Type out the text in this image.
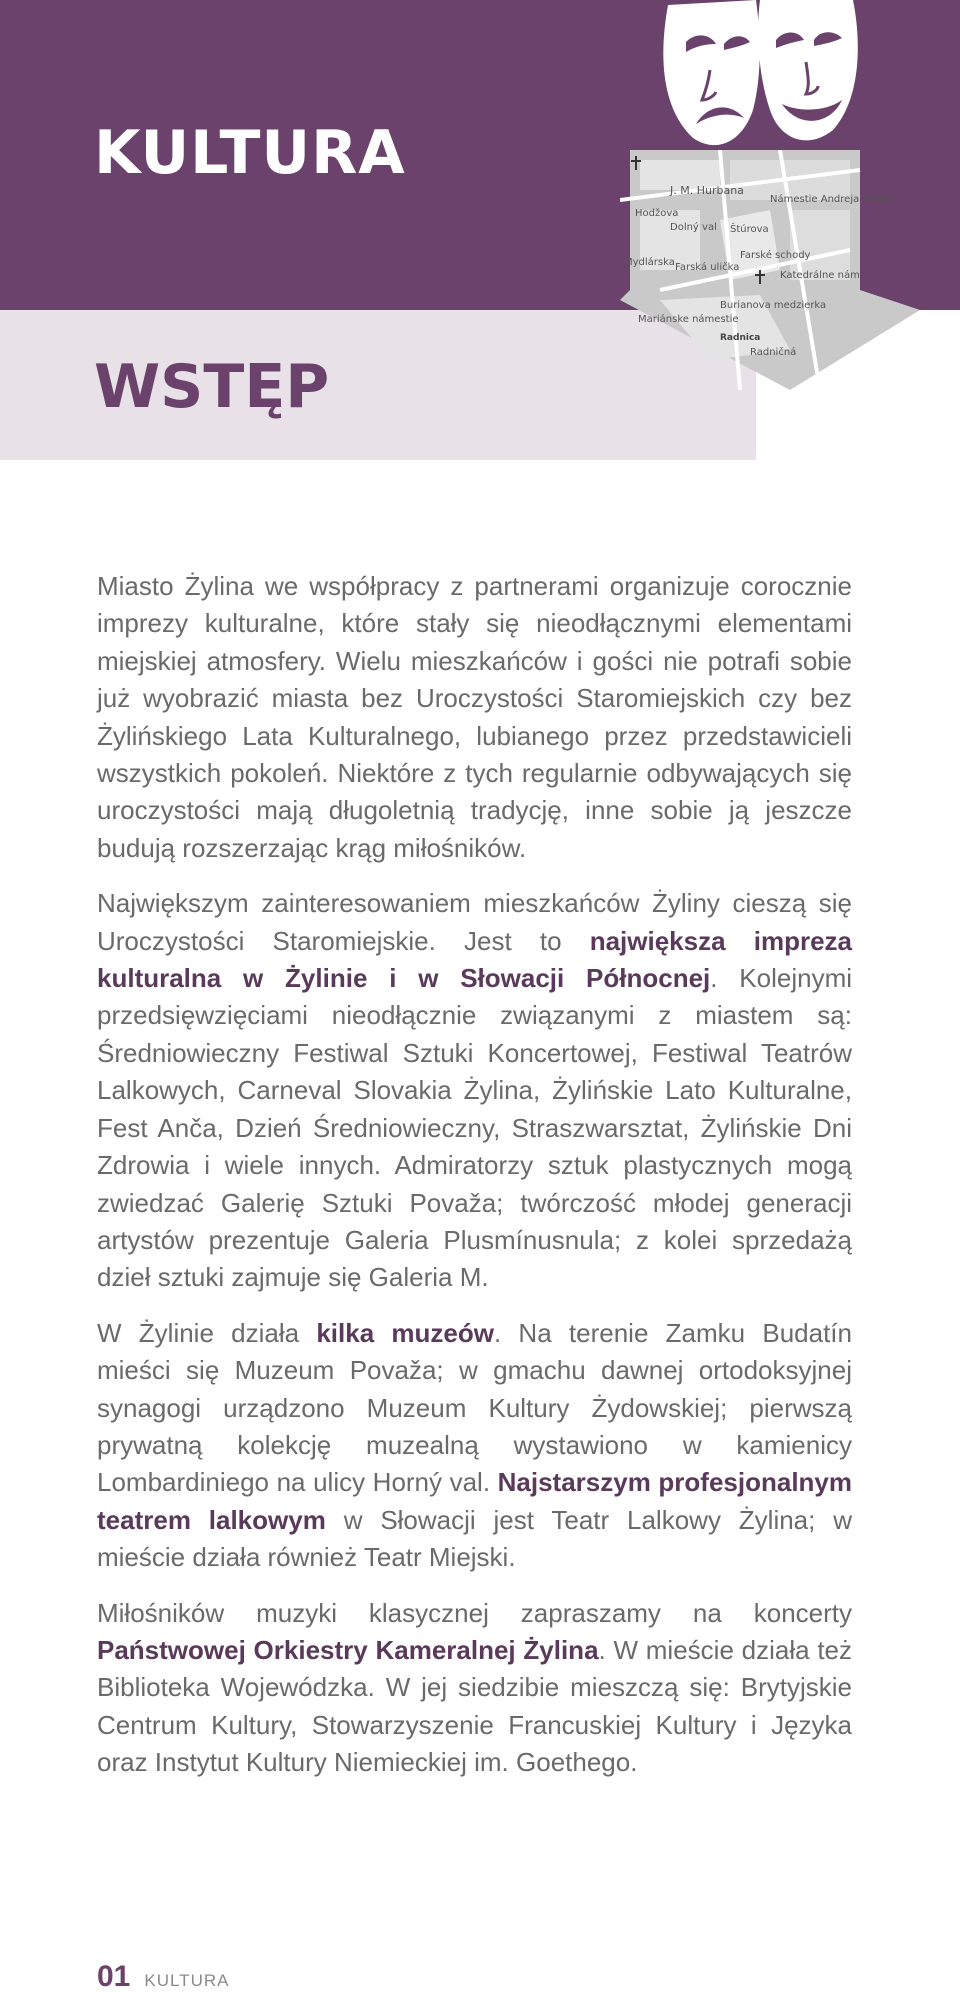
KULTURA
WSTĘP
J. M. Hurbana
Námestie Andreja Hlinku
Hodžova
Dolný val Štúrova
Mydlárska Farská ulička
Farské schody
Katedrálne nám.
Mariánske námestie
Burianova medzierka
Radnica
Radničná

Miasto Żylina we współpracy z partnerami organizuje corocznie imprezy kulturalne, które stały się nieodłącznymi elementami miejskiej atmosfery. Wielu mieszkańców i gości nie potrafi sobie już wyobrazić miasta bez Uroczystości Staromiejskich czy bez Żylińskiego Lata Kulturalnego, lubianego przez przedstawicieli wszystkich pokoleń. Niektóre z tych regularnie odbywających się uroczystości mają długoletnią tradycję, inne sobie ją jeszcze budują rozszerzając krąg miłośników.

Największym zainteresowaniem mieszkańców Żyliny cieszą się Uroczystości Staromiejskie. Jest to największa impreza kulturalna w Żylinie i w Słowacji Północnej. Kolejnymi przedsięwzięciami nieodłącznie związanymi z miastem są: Średniowieczny Festiwal Sztuki Koncertowej, Festiwal Teatrów Lalkowych, Carneval Slovakia Żylina, Żylińskie Lato Kulturalne, Fest Anča, Dzień Średniowieczny, Straszwarsztat, Żylińskie Dni Zdrowia i wiele innych. Admiratorzy sztuk plastycznych mogą zwiedzać Galerię Sztuki Považa; twórczość młodej generacji artystów prezentuje Galeria Plusmínusnula; z kolei sprzedażą dzieł sztuki zajmuje się Galeria M.

W Żylinie działa kilka muzeów. Na terenie Zamku Budatín mieści się Muzeum Považa; w gmachu dawnej ortodoksyjnej synagogi urządzono Muzeum Kultury Żydowskiej; pierwszą prywatną kolekcję muzealną wystawiono w kamienicy Lombardiniego na ulicy Horný val. Najstarszym profesjonalnym teatrem lalkowym w Słowacji jest Teatr Lalkowy Żylina; w mieście działa również Teatr Miejski.

Miłośników muzyki klasycznej zapraszamy na koncerty Państwowej Orkiestry Kameralnej Żylina. W mieście działa też Biblioteka Wojewódzka. W jej siedzibie mieszczą się: Brytyjskie Centrum Kultury, Stowarzyszenie Francuskiej Kultury i Języka oraz Instytut Kultury Niemieckiej im. Goethego.

01 KULTURA
